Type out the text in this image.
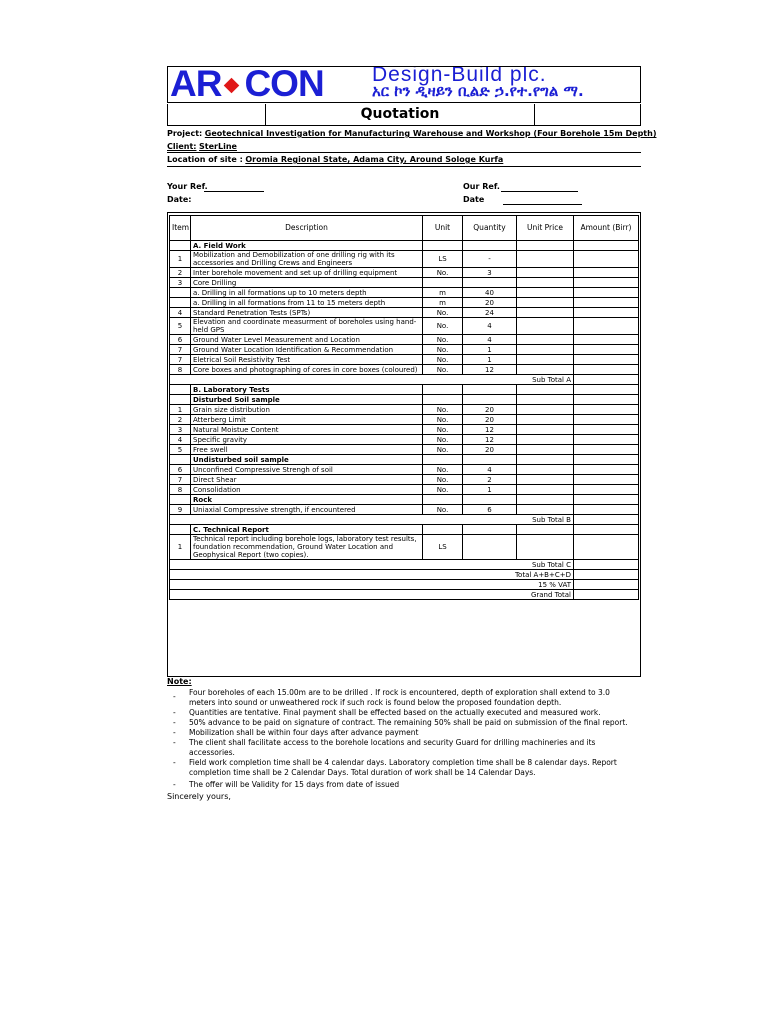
AR CON Design-Build plc.
አር ኮን ዲዛይን ቢልድ ኃ.የተ.የግል ማ.
Quotation
Project: Geotechnical Investigation for Manufacturing Warehouse and Workshop (Four Borehole 15m Depth)
Client: SterLine
Location of site : Oromia Regional State, Adama City, Around Sologe Kurfa
Your Ref.
Date:
Our Ref.
Date
Item	Description	Unit	Quantity	Unit Price	Amount (Birr)
	A. Field Work				
1	Mobilization and Demobilization of one drilling rig with its accessories and Drilling Crews and Engineers	LS	-		
2	Inter borehole movement and set up of drilling equipment	No.	3		
3	Core Drilling				
	a. Drilling in all formations up to 10 meters depth	m	40		
	a. Drilling in all formations from 11 to 15 meters depth	m	20		
4	Standard Penetration Tests (SPTs)	No.	24		
5	Elevation and coordinate measurment of boreholes using hand-held GPS	No.	4		
6	Ground Water Level Measurement and Location	No.	4		
7	Ground Water Location Identification & Recommendation	No.	1		
7	Eletrical Soil Resistivity Test	No.	1		
8	Core boxes and photographing of cores in core boxes (coloured)	No.	12		
Sub Total A					
	B. Laboratory Tests				
	Disturbed Soil sample				
1	Grain size distribution	No.	20		
2	Atterberg Limit	No.	20		
3	Natural Moistue Content	No.	12		
4	Specific gravity	No.	12		
5	Free swell	No.	20		
	Undisturbed soil sample				
6	Unconfined Compressive Strengh of soil	No.	4		
7	Direct Shear	No.	2		
8	Consolidation	No.	1		
	Rock				
9	Uniaxial Compressive strength, if encountered	No.	6		
Sub Total B					
	C. Technical Report				
1	Technical report including borehole logs, laboratory test results, foundation recommendation, Ground Water Location and Geophysical Report (two copies).	LS			
Sub Total C					
Total A+B+C+D					
15 % VAT					
Grand Total					
Note:
- Four boreholes of each 15.00m are to be drilled . If rock is encountered, depth of exploration shall extend to 3.0 meters into sound or unweathered rock if such rock is found below the proposed foundation depth.
- Quantities are tentative. Final payment shall be effected based on the actually executed and measured work.
- 50% advance to be paid on signature of contract. The remaining 50% shall be paid on submission of the final report.
- Mobilization shall be within four days after advance payment
- The client shall facilitate access to the borehole locations and security Guard for drilling machineries and its accessories.
- Field work completion time shall be 4 calendar days. Laboratory completion time shall be 8 calendar days. Report completion time shall be 2 Calendar Days. Total duration of work shall be 14 Calendar Days.
- The offer will be Validity for 15 days from date of issued
Sincerely yours,
